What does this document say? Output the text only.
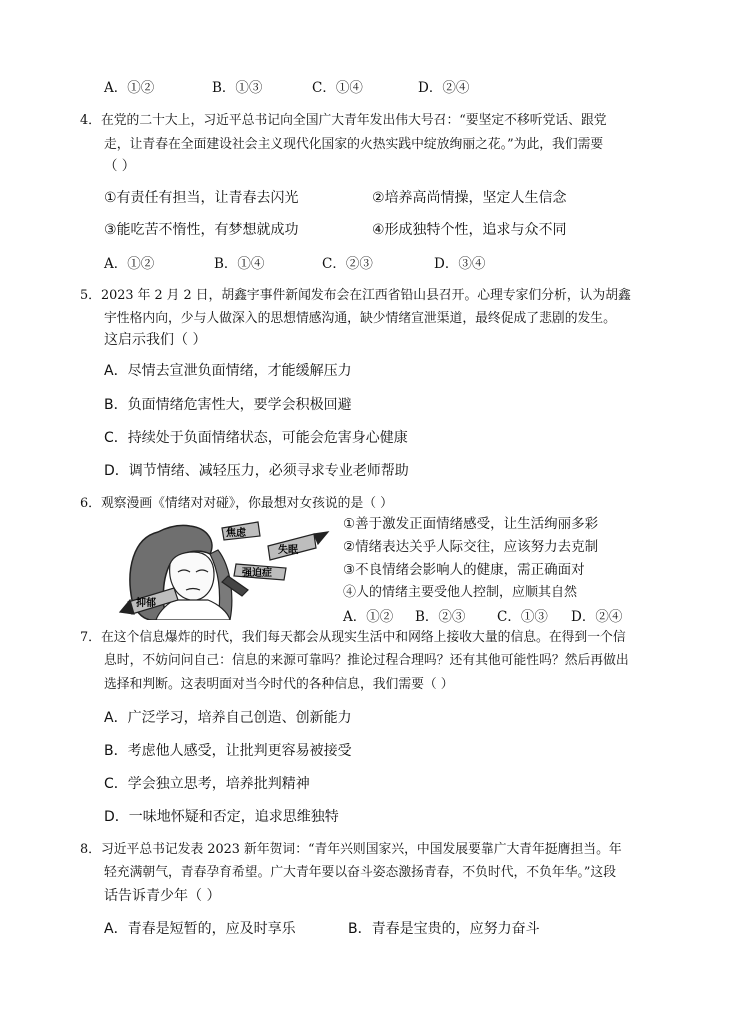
A．①②	B．①③	C．①④	D．②④
4．在党的二十大上，习近平总书记向全国广大青年发出伟大号召：“要坚定不移听党话、跟党
走，让青春在全面建设社会主义现代化国家的火热实践中绽放绚丽之花。”为此，我们需要
（ ）
①有责任有担当，让青春去闪光	②培养高尚情操，坚定人生信念
③能吃苦不惰性，有梦想就成功	④形成独特个性，追求与众不同
A．①②	B．①④	C．②③	D．③④
5．2023 年 2 月 2 日，胡鑫宇事件新闻发布会在江西省铅山县召开。心理专家们分析，认为胡鑫
宇性格内向，少与人做深入的思想情感沟通，缺少情绪宣泄渠道，最终促成了悲剧的发生。
这启示我们（ ）
A．尽情去宣泄负面情绪，才能缓解压力
B．负面情绪危害性大，要学会积极回避
C．持续处于负面情绪状态，可能会危害身心健康
D．调节情绪、减轻压力，必须寻求专业老师帮助
6．观察漫画《情绪对对碰》，你最想对女孩说的是（ ）
焦虑
失眠
强迫症
抑郁
①善于激发正面情绪感受，让生活绚丽多彩
②情绪表达关乎人际交往，应该努力去克制
③不良情绪会影响人的健康，需正确面对
④人的情绪主要受他人控制，应顺其自然
A．①② B．②③ C．①③ D．②④
7．在这个信息爆炸的时代，我们每天都会从现实生活中和网络上接收大量的信息。在得到一个信
息时，不妨问问自己：信息的来源可靠吗？推论过程合理吗？还有其他可能性吗？然后再做出
选择和判断。这表明面对当今时代的各种信息，我们需要（ ）
A．广泛学习，培养自己创造、创新能力
B．考虑他人感受，让批判更容易被接受
C．学会独立思考，培养批判精神
D．一味地怀疑和否定，追求思维独特
8．习近平总书记发表 2023 新年贺词：“青年兴则国家兴，中国发展要靠广大青年挺膺担当。年
轻充满朝气，青春孕育希望。广大青年要以奋斗姿态激扬青春，不负时代，不负年华。”这段
话告诉青少年（ ）
A．青春是短暂的，应及时享乐	B．青春是宝贵的，应努力奋斗
